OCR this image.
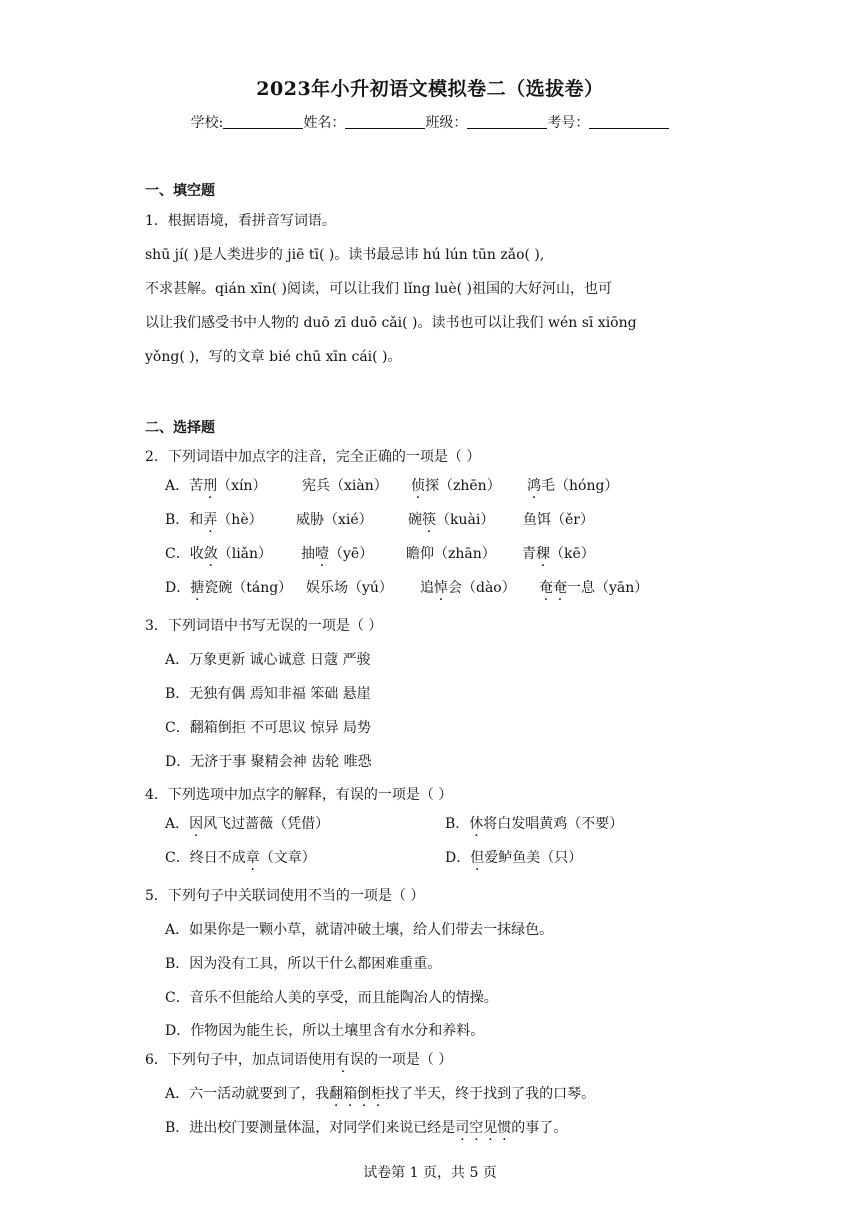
2023年小升初语文模拟卷二（选拔卷）
学校:	姓名：	班级：	考号：
一、填空题
1．根据语境，看拼音写词语。
shū jí( )是人类进步的 jiē tī( )。读书最忌讳 hú lún tūn zǎo( ),
不求甚解。qián xīn( )阅读，可以让我们 lǐng luè( )祖国的大好河山，也可
以让我们感受书中人物的 duō zī duō cǎi( )。读书也可以让我们 wén sī xiōng
yǒng( )，写的文章 bié chū xīn cái( )。
二、选择题
2．下列词语中加点字的注音，完全正确的一项是（ ）
A．苦刑（xín）	宪兵（xiàn） 侦探（zhēn） 鸿毛（hóng）
B．和弄（hè） 威胁（xié）	碗筷（kuài） 鱼饵（ěr）
C．收敛（liǎn） 抽噎（yē） 瞻仰（zhān） 青稞（kē）
D．搪瓷碗（táng） 娱乐场（yú） 追悼会（dào） 奄奄一息（yān）
3．下列词语中书写无误的一项是（ ）
A．万象更新 诚心诚意 日蔻 严骏
B．无独有偶 焉知非福 笨础 悬崖
C．翻箱倒拒 不可思议 惊异 局势
D．无济于事 聚精会神 齿轮 唯恐
4．下列选项中加点字的解释，有误的一项是（ ）
A．因风飞过蔷薇（凭借）	B．休将白发唱黄鸡（不要）
C．终日不成章（文章）	D．但爱鲈鱼美（只）
5．下列句子中关联词使用不当的一项是（ ）
A．如果你是一颗小草，就请冲破土壤，给人们带去一抹绿色。
B．因为没有工具，所以干什么都困难重重。
C．音乐不但能给人美的享受，而且能陶冶人的情操。
D．作物因为能生长，所以土壤里含有水分和养料。
6．下列句子中，加点词语使用有误的一项是（ ）
A．六一活动就要到了，我翻箱倒柜找了半天，终于找到了我的口琴。
B．进出校门要测量体温，对同学们来说已经是司空见惯的事了。
试卷第 1 页，共 5 页
